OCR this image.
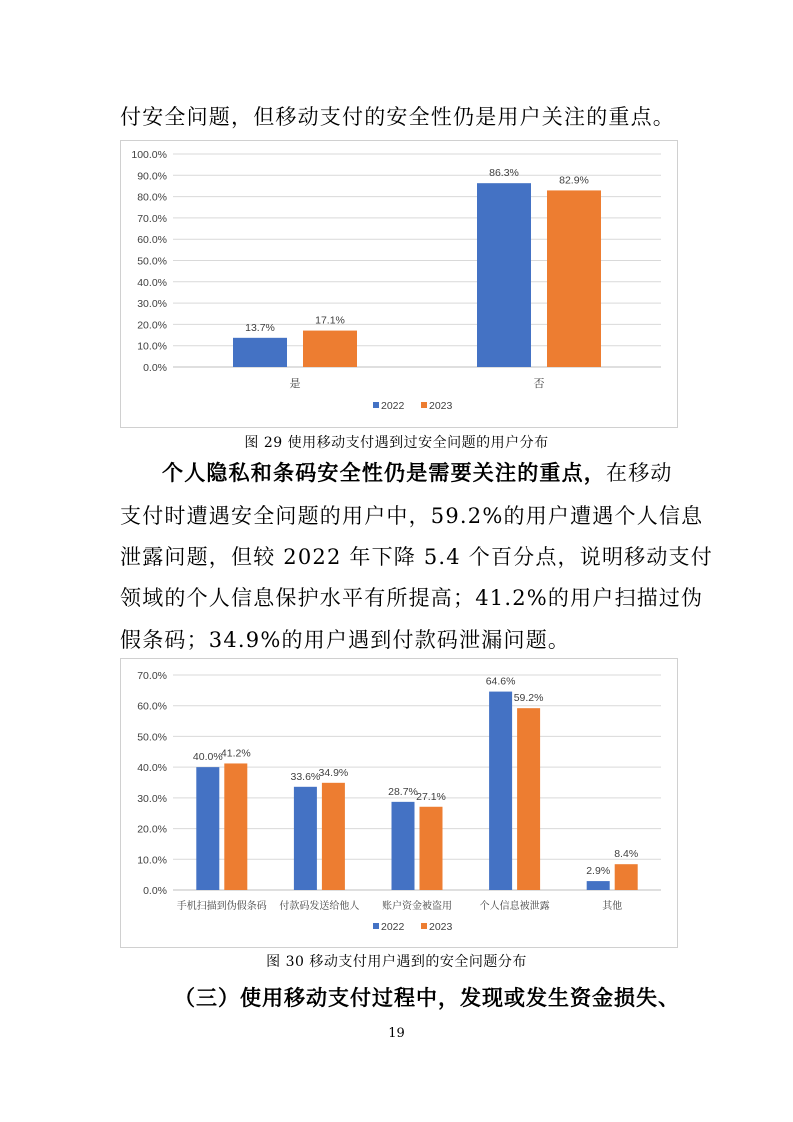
付安全问题，但移动支付的安全性仍是用户关注的重点。
0.0%
10.0%
20.0%
30.0%
40.0%
50.0%
60.0%
70.0%
80.0%
90.0%
100.0%
13.7%
17.1%
是
86.3%
82.9%
否
2022 2023
图 29 使用移动支付遇到过安全问题的用户分布
个人隐私和条码安全性仍是需要关注的重点，在移动
支付时遭遇安全问题的用户中，59.2%的用户遭遇个人信息
泄露问题，但较 2022 年下降 5.4 个百分点，说明移动支付
领域的个人信息保护水平有所提高；41.2%的用户扫描过伪
假条码；34.9%的用户遇到付款码泄漏问题。
0.0%
10.0%
20.0%
30.0%
40.0%
50.0%
60.0%
70.0%
40.0%
41.2%
手机扫描到伪假条码
33.6%
34.9%
付款码发送给他人
28.7%
27.1%
账户资金被盗用
64.6%
59.2%
个人信息被泄露
2.9%
8.4%
其他
2022 2023
图 30 移动支付用户遇到的安全问题分布
（三）使用移动支付过程中，发现或发生资金损失、
19
